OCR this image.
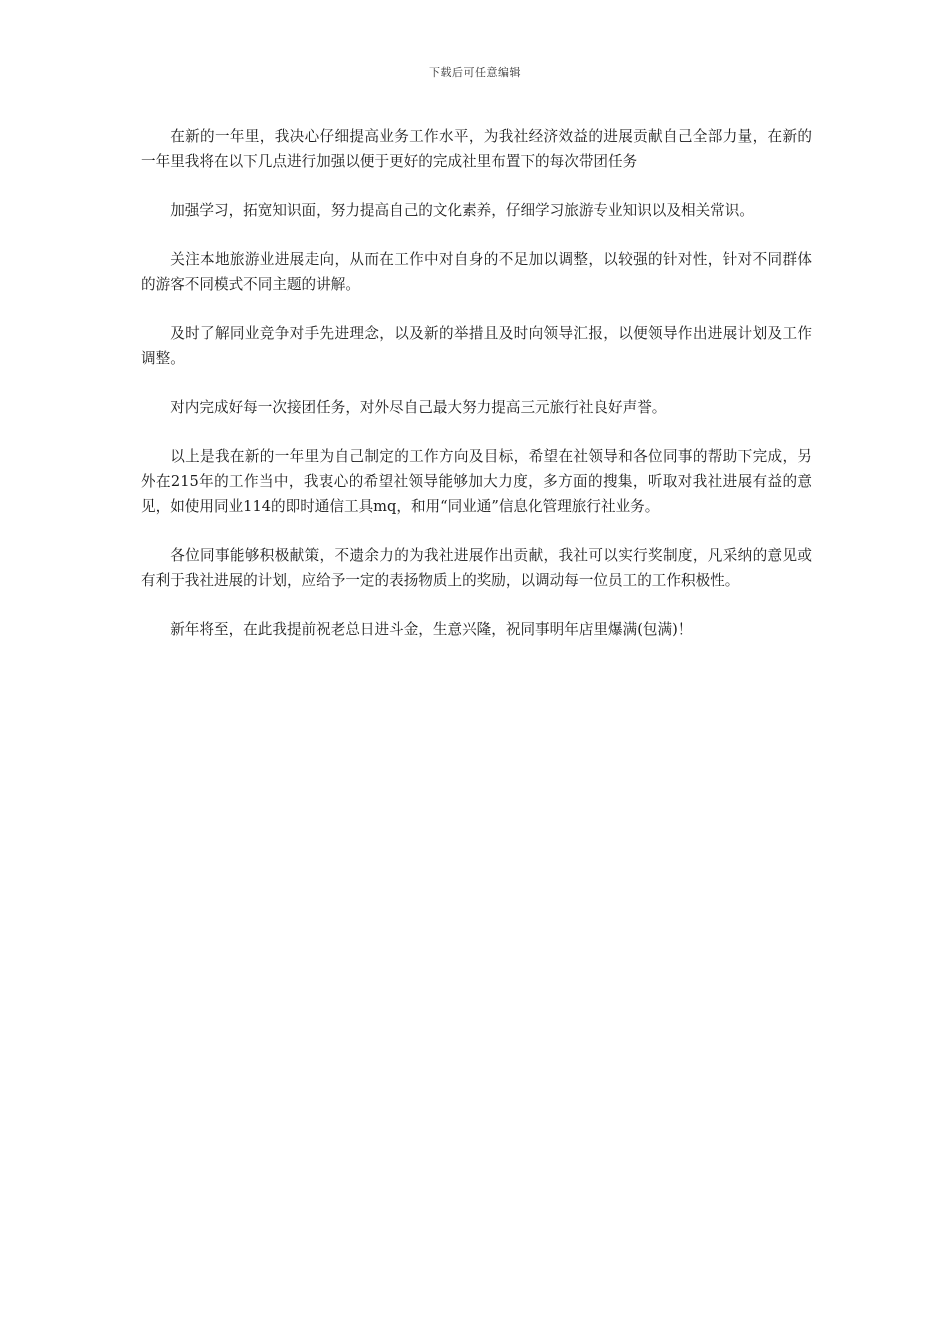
下载后可任意编辑

在新的一年里，我决心仔细提高业务工作水平，为我社经济效益的进展贡献自己全部力量，在新的一年里我将在以下几点进行加强以便于更好的完成社里布置下的每次带团任务

加强学习，拓宽知识面，努力提高自己的文化素养，仔细学习旅游专业知识以及相关常识。

关注本地旅游业进展走向，从而在工作中对自身的不足加以调整，以较强的针对性，针对不同群体的游客不同模式不同主题的讲解。

及时了解同业竞争对手先进理念，以及新的举措且及时向领导汇报，以便领导作出进展计划及工作调整。

对内完成好每一次接团任务，对外尽自己最大努力提高三元旅行社良好声誉。

以上是我在新的一年里为自己制定的工作方向及目标，希望在社领导和各位同事的帮助下完成，另外在215年的工作当中，我衷心的希望社领导能够加大力度，多方面的搜集，听取对我社进展有益的意见，如使用同业114的即时通信工具mq，和用“同业通”信息化管理旅行社业务。

各位同事能够积极献策，不遗余力的为我社进展作出贡献，我社可以实行奖制度，凡采纳的意见或有利于我社进展的计划，应给予一定的表扬物质上的奖励，以调动每一位员工的工作积极性。

新年将至，在此我提前祝老总日进斗金，生意兴隆，祝同事明年店里爆满(包满)！
